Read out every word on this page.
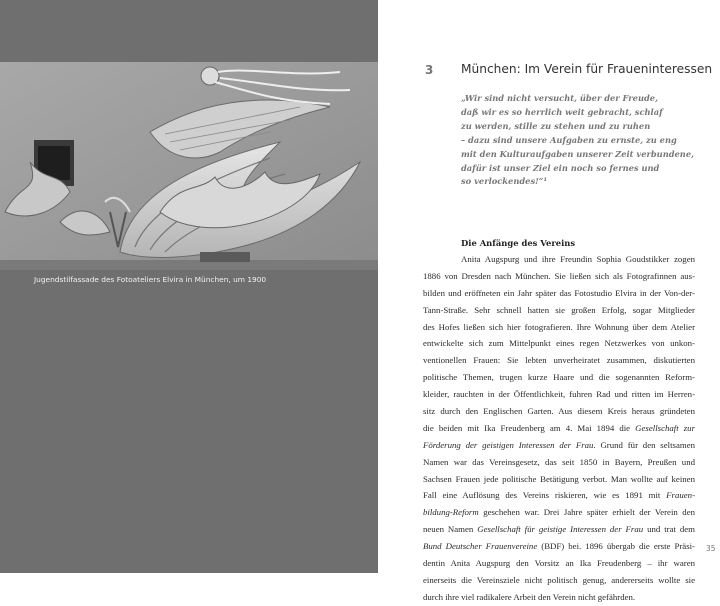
Jugendstilfassade des Fotoateliers Elvira in München, um 1900
3 München: Im Verein für Fraueninteressen
„Wir sind nicht versucht, über der Freude,
daß wir es so herrlich weit gebracht, schlaf
zu werden, stille zu stehen und zu ruhen
– dazu sind unsere Aufgaben zu ernste, zu eng
mit den Kulturaufgaben unserer Zeit verbundene,
dafür ist unser Ziel ein noch so fernes und
so verlockendes!“¹
Die Anfänge des Vereins
Anita Augspurg und ihre Freundin Sophia Goudstikker zogen
1886 von Dresden nach München. Sie ließen sich als Fotografinnen aus-
bilden und eröffneten ein Jahr später das Fotostudio Elvira in der Von-der-
Tann-Straße. Sehr schnell hatten sie großen Erfolg, sogar Mitglieder
des Hofes ließen sich hier fotografieren. Ihre Wohnung über dem Atelier
entwickelte sich zum Mittelpunkt eines regen Netzwerkes von unkon-
ventionellen Frauen: Sie lebten unverheiratet zusammen, diskutierten
politische Themen, trugen kurze Haare und die sogenannten Reform-
kleider, rauchten in der Öffentlichkeit, fuhren Rad und ritten im Herren-
sitz durch den Englischen Garten. Aus diesem Kreis heraus gründeten
die beiden mit Ika Freudenberg am 4. Mai 1894 die Gesellschaft zur
Förderung der geistigen Interessen der Frau. Grund für den seltsamen
Namen war das Vereinsgesetz, das seit 1850 in Bayern, Preußen und
Sachsen Frauen jede politische Betätigung verbot. Man wollte auf keinen
Fall eine Auflösung des Vereins riskieren, wie es 1891 mit Frauen-
bildung-Reform geschehen war. Drei Jahre später erhielt der Verein den
neuen Namen Gesellschaft für geistige Interessen der Frau und trat dem
Bund Deutscher Frauenvereine (BDF) bei. 1896 übergab die erste Präsi-
dentin Anita Augspurg den Vorsitz an Ika Freudenberg – ihr waren
einerseits die Vereinsziele nicht politisch genug, andererseits wollte sie
durch ihre viel radikalere Arbeit den Verein nicht gefährden.
35
